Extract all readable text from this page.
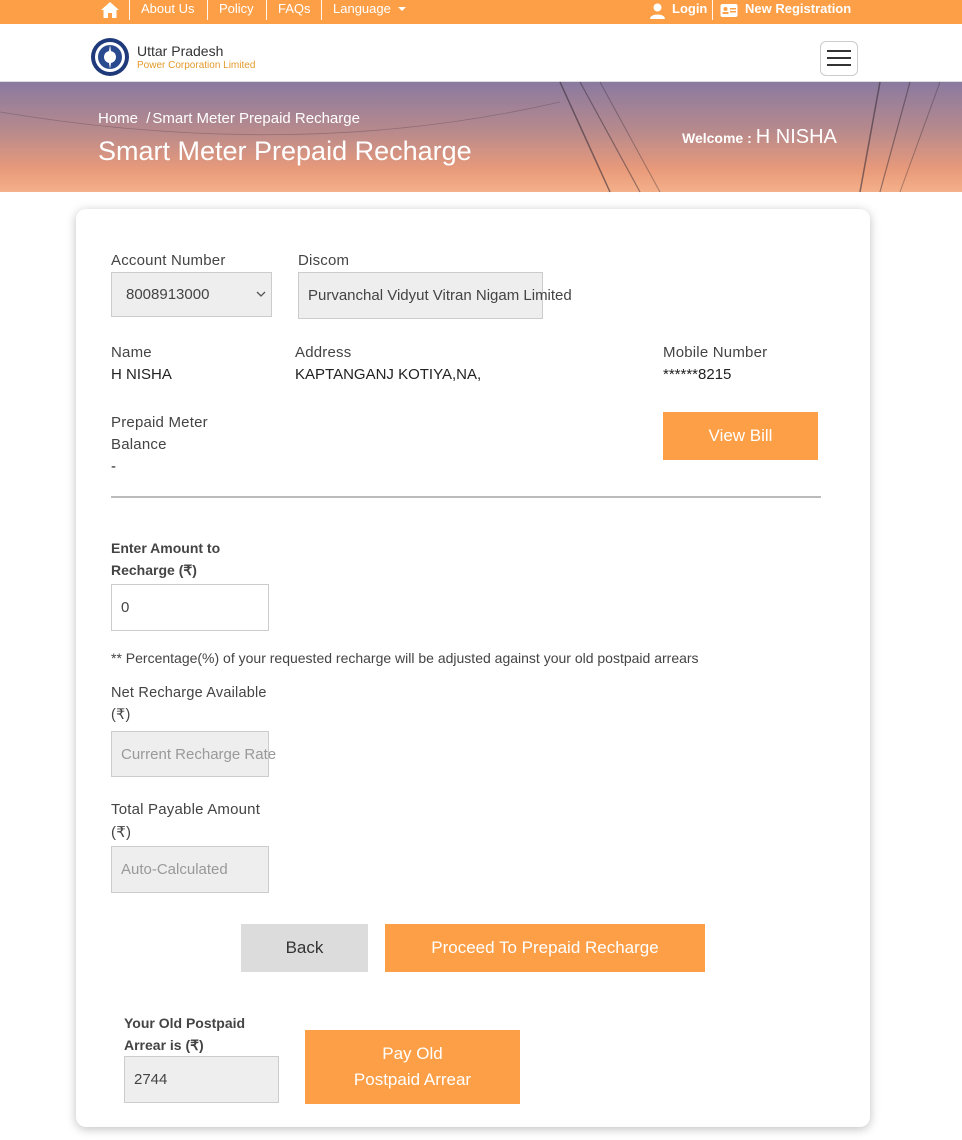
About Us Policy FAQs Language	Login	New Registration
Uttar Pradesh
Power Corporation Limited
Home / Smart Meter Prepaid Recharge
Smart Meter Prepaid Recharge	Welcome : H NISHA
Account Number
8008913000
Discom
Purvanchal Vidyut Vitran Nigam Limited
Name
H NISHA
Address
KAPTANGANJ KOTIYA,NA,
Mobile Number
******8215
Prepaid Meter
Balance
-
View Bill
Enter Amount to
Recharge (₹)
0
** Percentage(%) of your requested recharge will be adjusted against your old postpaid arrears
Net Recharge Available
(₹)
Current Recharge Rate
Total Payable Amount
(₹)
Auto-Calculated
Back	Proceed To Prepaid Recharge
Your Old Postpaid
Arrear is (₹)
2744
Pay Old
Postpaid Arrear
